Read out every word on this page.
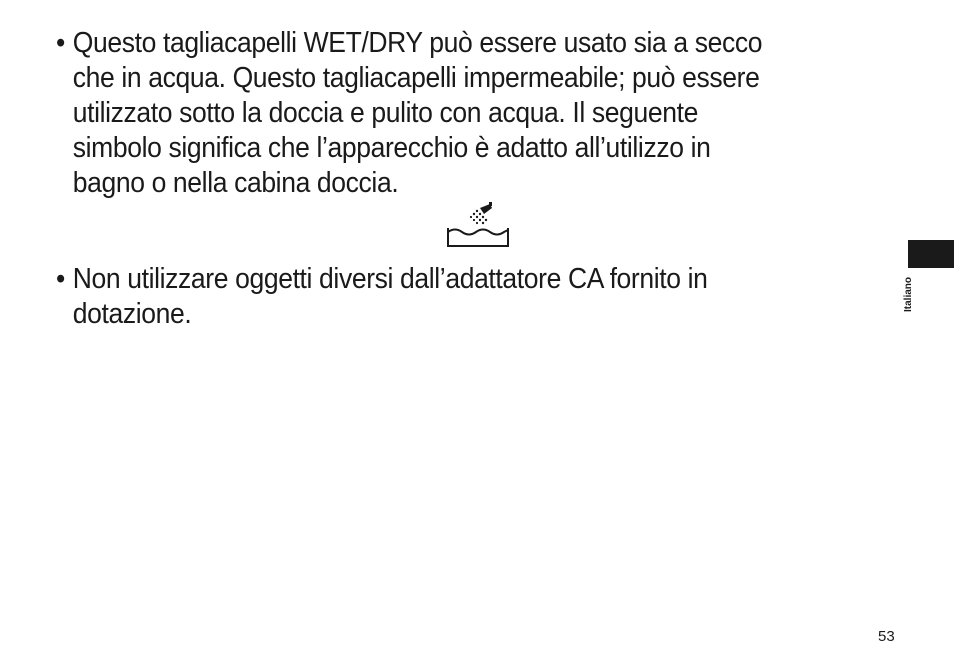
• Questo tagliacapelli WET/DRY può essere usato sia a secco
che in acqua. Questo tagliacapelli impermeabile; può essere
utilizzato sotto la doccia e pulito con acqua. Il seguente
simbolo significa che l’apparecchio è adatto all’utilizzo in
bagno o nella cabina doccia.
• Non utilizzare oggetti diversi dall’adattatore CA fornito in
dotazione.
Italiano
53
